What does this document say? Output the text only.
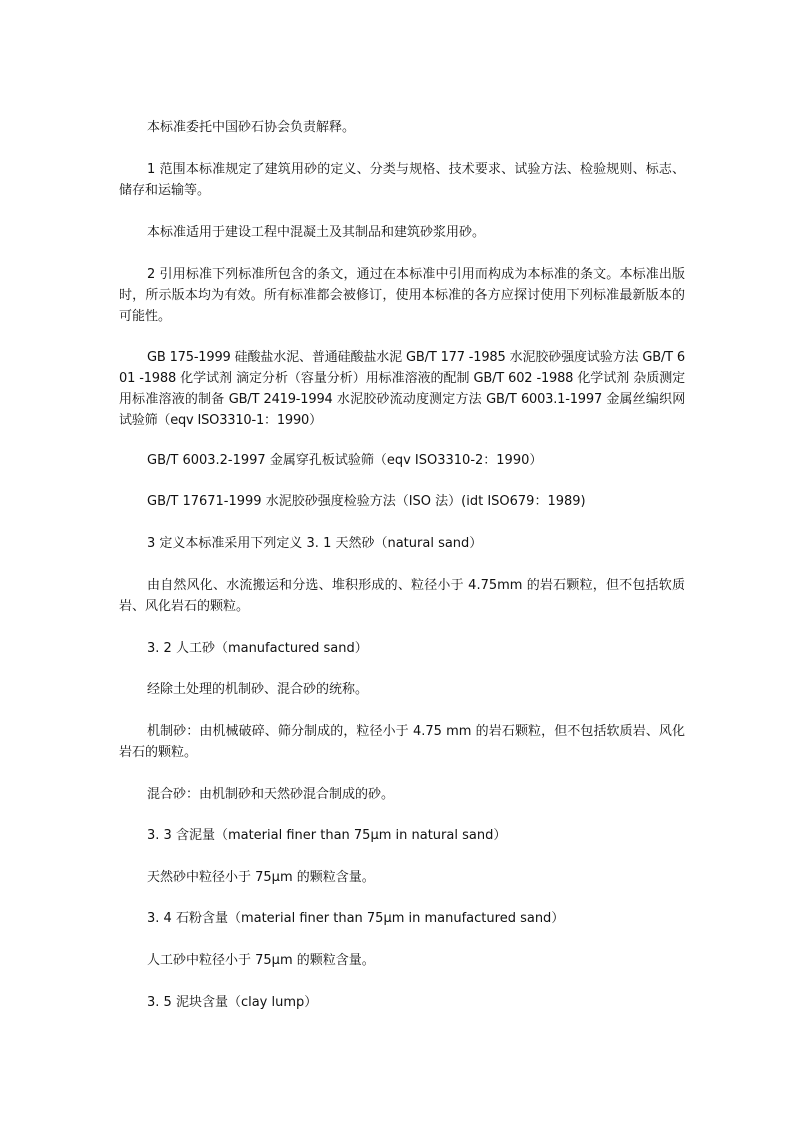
本标准委托中国砂石协会负责解释。

1 范围本标准规定了建筑用砂的定义、分类与规格、技术要求、试验方法、检验规则、标志、储存和运输等。

本标准适用于建设工程中混凝土及其制品和建筑砂浆用砂。

2 引用标准下列标准所包含的条文，通过在本标准中引用而构成为本标准的条文。本标准出版时，所示版本均为有效。所有标准都会被修订，使用本标准的各方应探讨使用下列标准最新版本的可能性。

GB 175-1999 硅酸盐水泥、普通硅酸盐水泥 GB/T 177 -1985 水泥胶砂强度试验方法 GB/T 601 -1988 化学试剂 滴定分析（容量分析）用标准溶液的配制 GB/T 602 -1988 化学试剂 杂质测定用标准溶液的制备 GB/T 2419-1994 水泥胶砂流动度测定方法 GB/T 6003.1-1997 金属丝编织网试验筛（eqv ISO3310-1：1990）

GB/T 6003.2-1997 金属穿孔板试验筛（eqv ISO3310-2：1990）

GB/T 17671-1999 水泥胶砂强度检验方法（ISO 法）(idt ISO679：1989)

3 定义本标准采用下列定义 3. 1 天然砂（natural sand）

由自然风化、水流搬运和分选、堆积形成的、粒径小于 4.75mm 的岩石颗粒，但不包括软质岩、风化岩石的颗粒。

3. 2 人工砂（manufactured sand）

经除土处理的机制砂、混合砂的统称。

机制砂：由机械破碎、筛分制成的，粒径小于 4.75 mm 的岩石颗粒，但不包括软质岩、风化岩石的颗粒。

混合砂：由机制砂和天然砂混合制成的砂。

3. 3 含泥量（material finer than 75μm in natural sand）

天然砂中粒径小于 75μm 的颗粒含量。

3. 4 石粉含量（material finer than 75μm in manufactured sand）

人工砂中粒径小于 75μm 的颗粒含量。

3. 5 泥块含量（clay lump）
